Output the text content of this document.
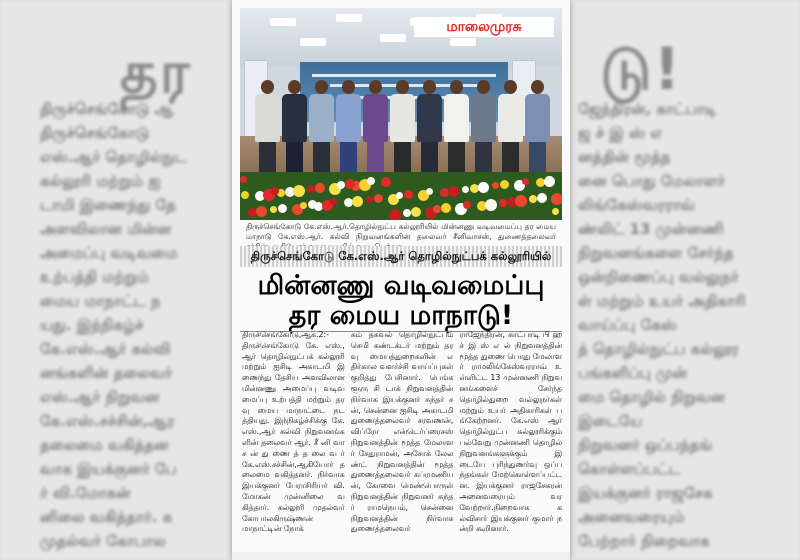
தர	டு!
திருச்செங்கோடு ஆ
திருச்செங்கோடு
எஸ்.ஆர் தொழில்நுட
கல்லூரி மற்றும் ஐ
டாமி இணைந்து தே
அளவிலான மின்ன
அமைப்பு வடிவமை
உற்பத்தி மற்றும்
மைய மாநாட்ட ந
யது. இந்நிகழ்ச்
கே.எஸ்.ஆர் கல்வி
னங்களின் தலைவர்
எஸ்.ஆர் நிறுவன
கே.எஸ்.சச்சின்,ஆர
தலைமை வகித்தன
வாக இயக்குனர் பே
ர் வி.மோகன்
னிலை வகித்தார். க
முதல்வர் கோபால
ஜேந்திரன், காட்பாடி
ஜ ச் இ ஸ் எ
னத்தின் மூத்த
னை பொது மேலாளர்
லிங்கேஸ்வரராவ்
ண்லிட் 13 முன்னணி
நிறுவனங்களை சேர்ந்த
ஒன்றிணைப்பு வல்லுநர்
ள் மற்றும் உயர் அதிகாரி
வாய்ப்பு கேஸ்
த் தொழில்நுட்ப கல்லூர
பங்களிப்பு முன்
மை தொழில் நிறுவன
இடையே
நிறுவனர் ஒப்பந்தங்
கொள்ளப்பட்ட
இயக்குனர் ராஜசேக
அனைவரையும்
பேற்றார் நிறைவாக
மாலைமுரசு
திருச்செங்கோடு கே.எஸ்.ஆர்.தொழில்நுட்ப கல்லூரியில் மின்னணு வடிவமைப்பு தர மைய மாநாடு கே.எஸ்.ஆர். கல்வி நிறுவனங்களின் தலைவர் சீனிவாசன், துணைத்தலைவர்
திருச்செங்கோடு கே.எஸ்.ஆர் தொழில்நுட்பக் கல்லூரியில்
மின்னணு வடிவமைப்பு
தர மைய மாநாடு!
திருச்செங்கோடு,ஆக.2:- திருச்செங்கோடு கே. எஸ்.,ஆர் தொழில்நுட்பக் கல்லூரி மற்றும் ஐசிடி அகாடமி இணைந்து தேசிய அளவிலான மின்னணு அமைப்பு வடிவமைப்பு உற்பத்தி மற்றும் தரவு மைய மாநாட்டை நடத்தியது. இந்நிகழ்ச்சிக்கு கே.எஸ்.,ஆர் கல்வி நிறுவனங்களின் தலைவர் ஆர். சீ னி வா ச ன் து ணை த் த லை வ ர் கே.எஸ்.சச்சின்,ஆகியோர் தலைமை வகித்தனர். நிர்வாக இயக்குனர் பேராசிரியர் வி.மோகன் முன்னிலை வகித்தார். கல்லூரி முதல்வர் கோபாலகிருஷ்ணன் மாநாட்டின் நோக்
கம் தகவல் தொழில்நுட்பம் செமி கண்டக்டர் மற்றும் தரவு மையத்துறைகளின் எதிர்கால வளர்ச்சி வாய்ப்புகள் குறித்து பேசினார். பெங்களூரு சி டாக் நிறுவனத்தின் நிர்வாக இயக்குனர் சுந்தர் ச ன், சென்னை ஐசிடி அகாடமி துணைத்தலைவர் சரவணன்,விப்ரோ என்டெர்ப்ரைசஸ் நிறுவனத்தின் மூத்த மேலாளர் சேதுராமன், அசோக் லேலண்ட் நிறுவனத்தின் மூத்த துணைத்தலைவர் சுப்ரமணியன், கோவை மெண்பொருள் நிறுவனத்தின் நிறுவனர் சுந்தர் ராமநெயம், சென்னை நிறுவனத்தின் நிர்வாக துணைத்தலைவர்
ராஜேந்திரன், காட்பாடி பி ஹ ச் இ ஸ் எ ல் நிறுவனத்தின் மூத்த துணை பொது மேலாளர் ராமலிங்கேஸ்வரராவ் உள்ளிட்ட 13 முன்னணி நிறுவனங்களைச் சேர்ந்த தொழில்துறை வல்லுநர்கள் மற்றும் உயர் அதிகாரிகள் பங்கேற்றனர். கே.எஸ் ஆர் தொழில்நுட்ப கல்லூரிக்கும் பல்வேறு முன்னணி தொழில் நிறுவனங்களுக்கும் இடையே புரிந்துணர்வு ஒப்பந்தங்கள் மேற்கொள்ளப்பட்டன. இயக்குனர் ராஜசேகரன் அனைவரையும் வரவேற்றார்.நிறைவாக கல்விசார் இயக்குனர் குமார் நன்றி கூறினார்.
